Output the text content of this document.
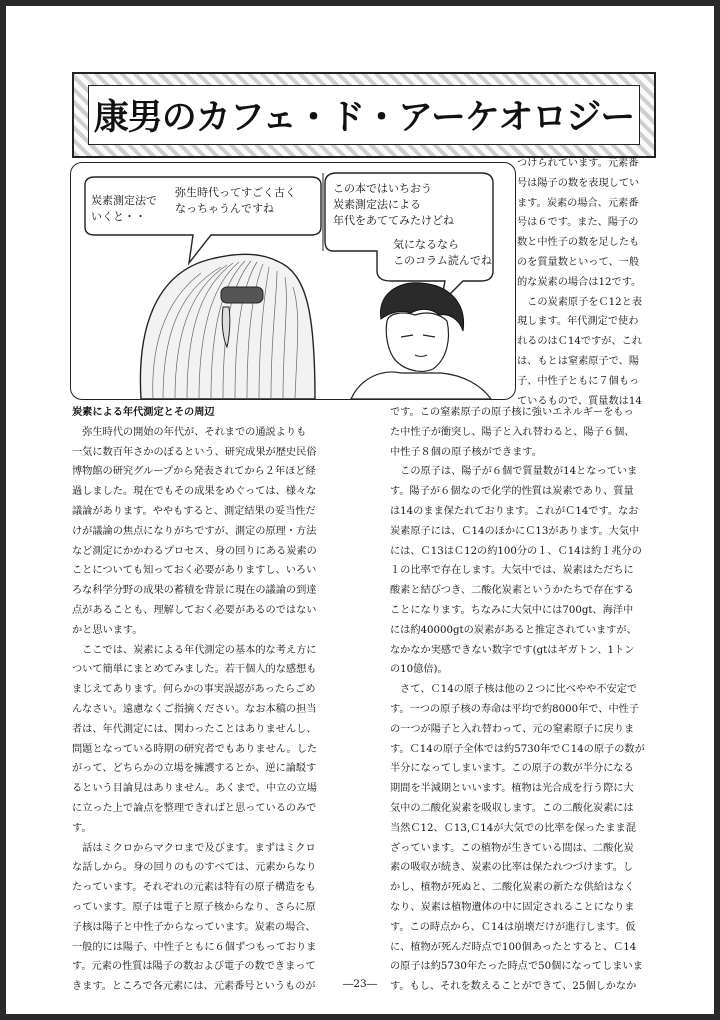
康男のカフェ・ド・アーケオロジー
炭素測定法で
いくと・・
弥生時代ってすごく古く
なっちゃうんですね
この本ではいちおう
炭素測定法による
年代をあててみたけどね
気になるなら
このコラム読んでね

つけられています。元素番

号は陽子の数を表現してい

ます。炭素の場合、元素番

号は６です。また、陽子の

数と中性子の数を足したも

のを質量数といって、一般

的な炭素の場合は12です。

　この炭素原子をＣ12と表

現します。年代測定で使わ

れるのはＣ14ですが、これ

は、もとは窒素原子で、陽

子、中性子ともに７個もっ

ているもので、質量数は14

炭素による年代測定とその周辺

　弥生時代の開始の年代が、それまでの通説よりも

一気に数百年さかのぼるという、研究成果が歴史民俗

博物館の研究グループから発表されてから２年ほど経

過しました。現在でもその成果をめぐっては、様々な

議論があります。ややもすると、測定結果の妥当性だ

けが議論の焦点になりがちですが、測定の原理・方法

など測定にかかわるプロセス、身の回りにある炭素の

ことについても知っておく必要がありますし、いろい

ろな科学分野の成果の蓄積を背景に現在の議論の到達

点があることも、理解しておく必要があるのではない

かと思います。

　ここでは、炭素による年代測定の基本的な考え方に

ついて簡単にまとめてみました。若干個人的な感想も

まじえてあります。何らかの事実誤認があったらごめ

んなさい。遠慮なくご指摘ください。なお本稿の担当

者は、年代測定には、関わったことはありませんし、

問題となっている時期の研究者でもありません。した

がって、どちらかの立場を擁護するとか、逆に論駁す

るという目論見はありません。あくまで、中立の立場

に立った上で論点を整理できればと思っているのみで

す。

　話はミクロからマクロまで及びます。まずはミクロ

な話しから。身の回りのものすべては、元素からなり

たっています。それぞれの元素は特有の原子構造をも

っています。原子は電子と原子核からなり、さらに原

子核は陽子と中性子からなっています。炭素の場合、

一般的には陽子、中性子ともに６個ずつもっておりま

す。元素の性質は陽子の数および電子の数できまって

きます。ところで各元素には、元素番号というものが

です。この窒素原子の原子核に強いエネルギーをもっ

た中性子が衝突し、陽子と入れ替わると、陽子６個、

中性子８個の原子核ができます。

　この原子は、陽子が６個で質量数が14となっていま

す。陽子が６個なので化学的性質は炭素であり、質量

は14のまま保たれております。これがＣ14です。なお

炭素原子には、Ｃ14のほかにＣ13があります。大気中

には、Ｃ13はＣ12の約100分の１、Ｃ14は約１兆分の

１の比率で存在します。大気中では、炭素はただちに

酸素と結びつき、二酸化炭素というかたちで存在する

ことになります。ちなみに大気中には700gt、海洋中

には約40000gtの炭素があると推定されていますが、

なかなか実感できない数字です(gtはギガトン、1トン

の10億倍)。

　さて、Ｃ14の原子核は他の２つに比べやや不安定で

す。一つの原子核の寿命は平均で約8000年で、中性子

の一つが陽子と入れ替わって、元の窒素原子に戻りま

す。Ｃ14の原子全体では約5730年でＣ14の原子の数が

半分になってしまいます。この原子の数が半分になる

期間を半減期といいます。植物は光合成を行う際に大

気中の二酸化炭素を吸収します。この二酸化炭素には

当然Ｃ12、Ｃ13,Ｃ14が大気での比率を保ったまま混

ざっています。この植物が生きている間は、二酸化炭

素の吸収が続き、炭素の比率は保たれつづけます。し

かし、植物が死ぬと、二酸化炭素の新たな供給はなく

なり、炭素は植物遺体の中に固定されることになりま

す。この時点から、Ｃ14は崩壊だけが進行します。仮

に、植物が死んだ時点で100個あったとすると、Ｃ14

の原子は約5730年たった時点で50個になってしまいま

す。もし、それを数えることができて、25個しかなか

―23―
